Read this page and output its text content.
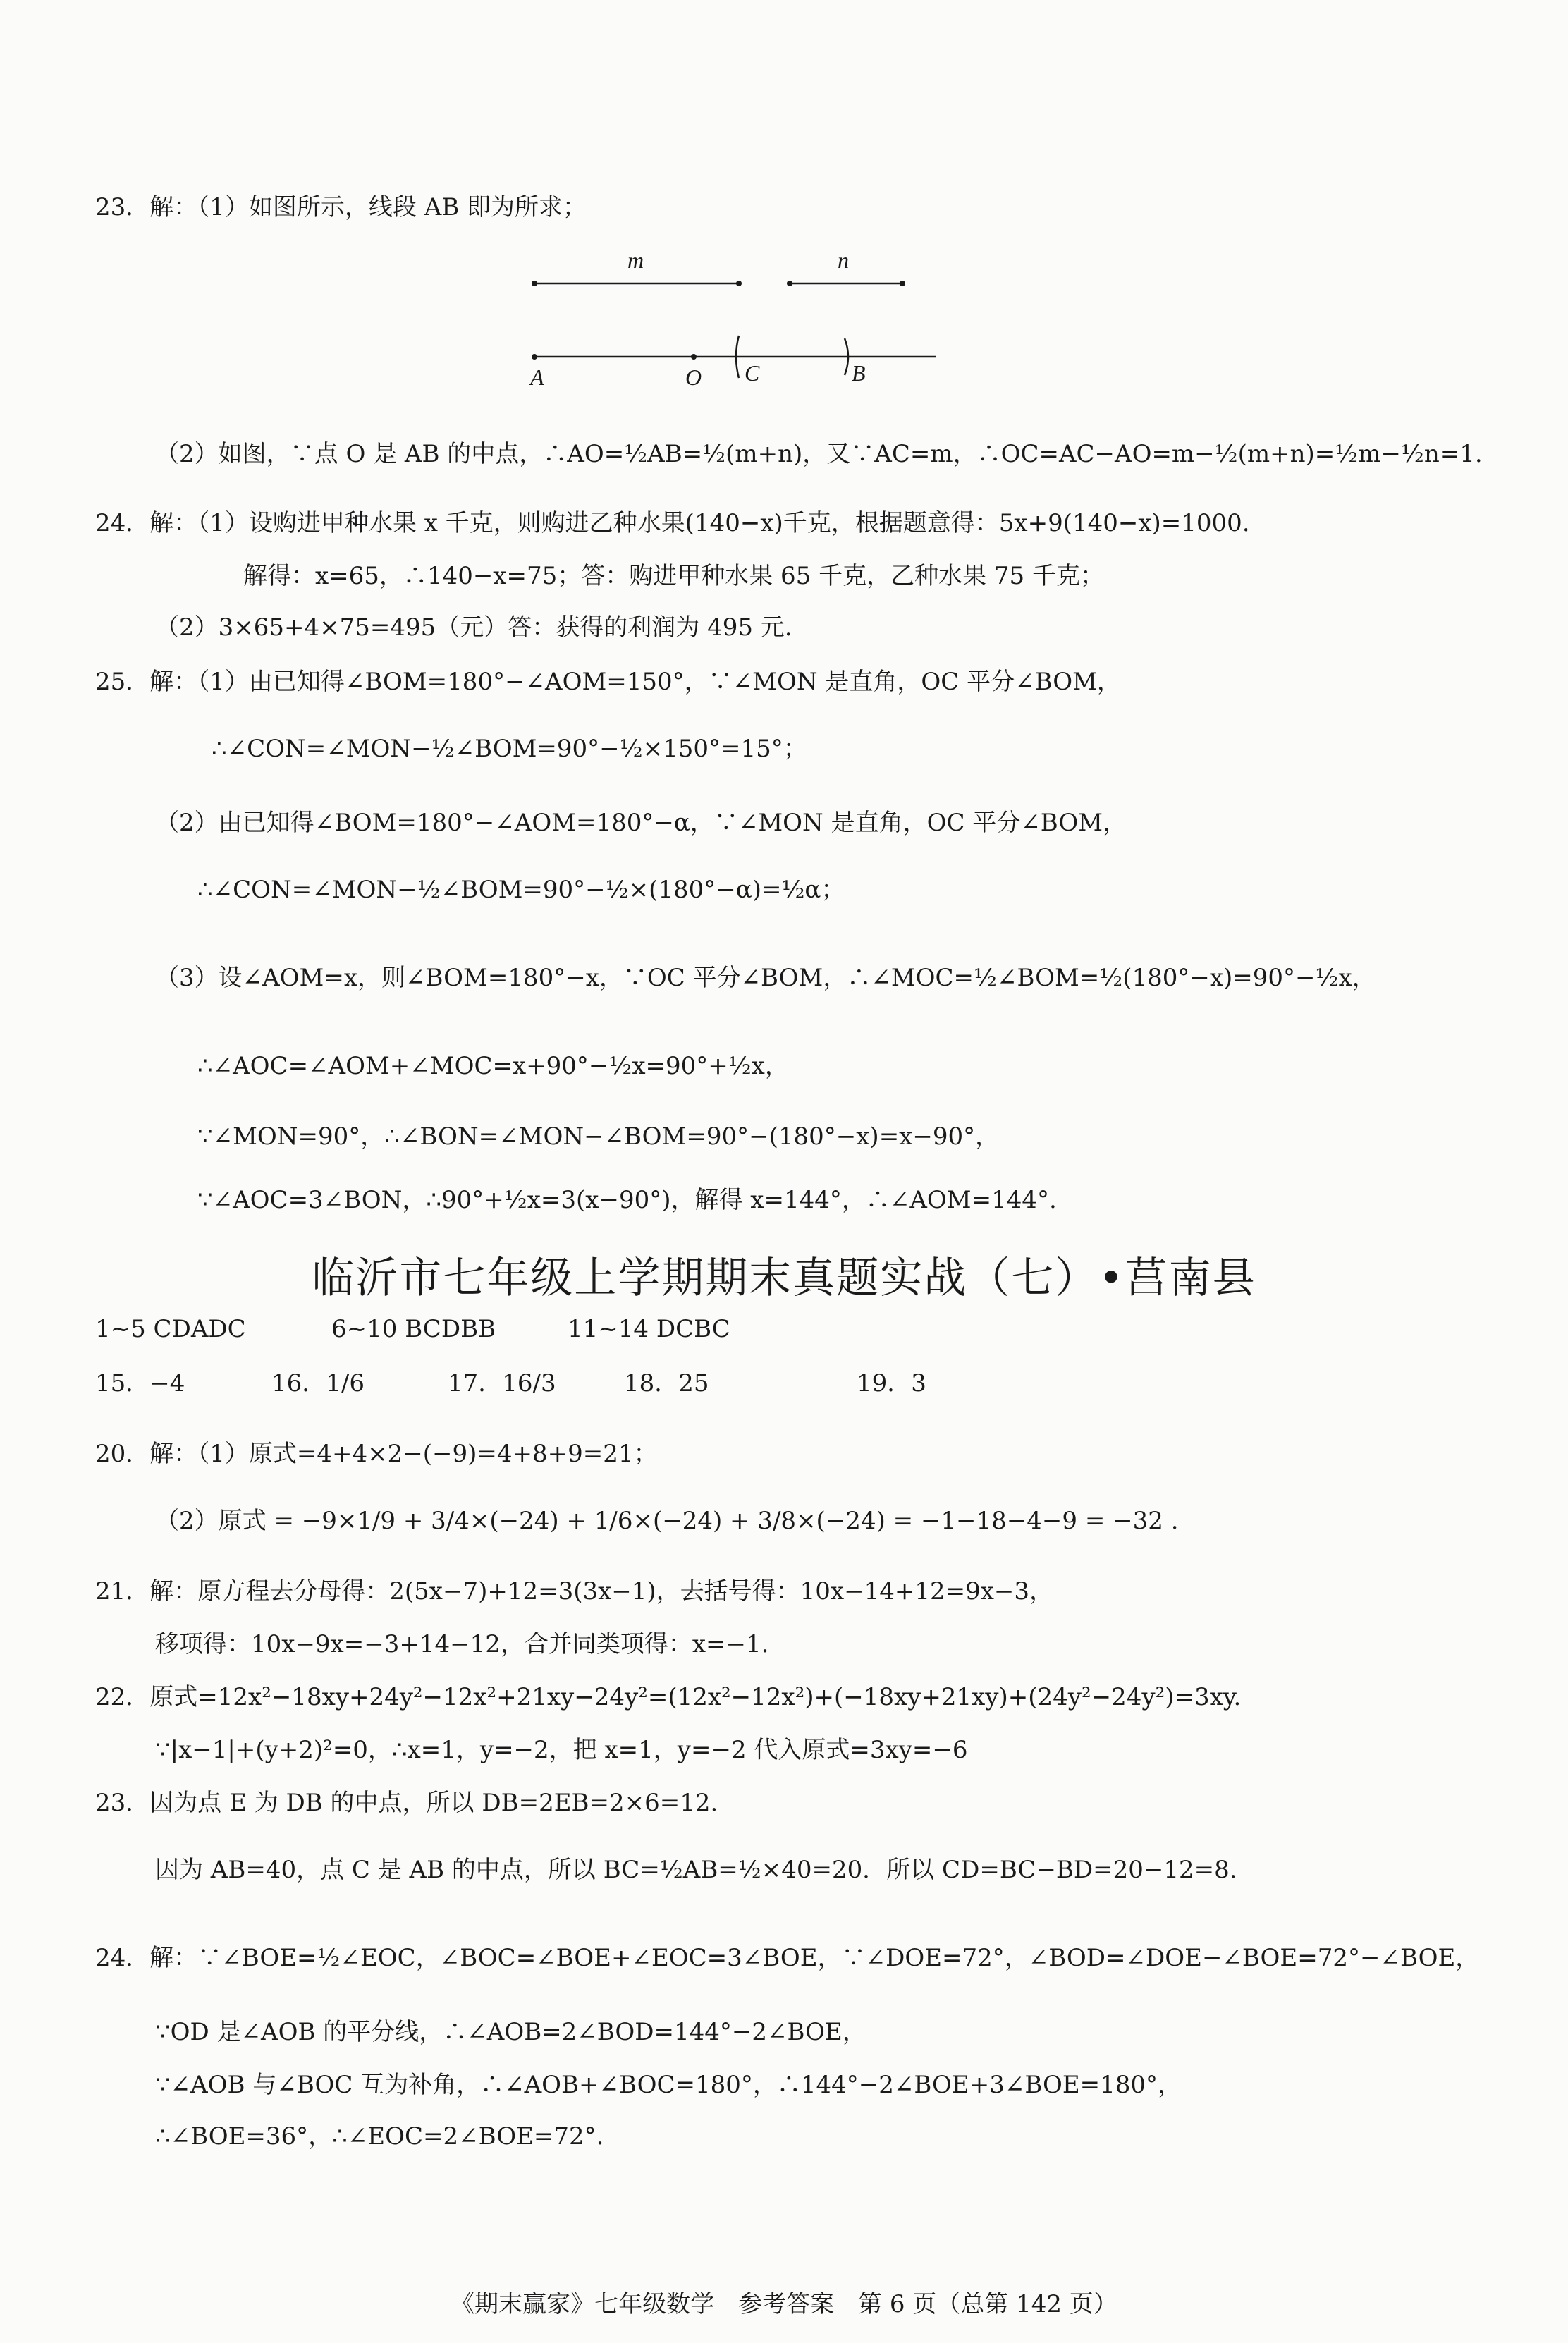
23．解：（1）如图所示，线段 AB 即为所求；
m	n
A	O C	B
（2）如图，∵点 O 是 AB 的中点，∴AO=½AB=½(m+n)，又∵AC=m，∴OC=AC−AO=m−½(m+n)=½m−½n=1.
24．解：（1）设购进甲种水果 x 千克，则购进乙种水果(140−x)千克，根据题意得：5x+9(140−x)=1000.
解得：x=65，∴140−x=75；答：购进甲种水果 65 千克，乙种水果 75 千克；
（2）3×65+4×75=495（元）答：获得的利润为 495 元.
25．解：（1）由已知得∠BOM=180°−∠AOM=150°，∵∠MON 是直角，OC 平分∠BOM，
∴∠CON=∠MON−½∠BOM=90°−½×150°=15°；
（2）由已知得∠BOM=180°−∠AOM=180°−α，∵∠MON 是直角，OC 平分∠BOM，
∴∠CON=∠MON−½∠BOM=90°−½×(180°−α)=½α；
（3）设∠AOM=x，则∠BOM=180°−x，∵OC 平分∠BOM，∴∠MOC=½∠BOM=½(180°−x)=90°−½x，
∴∠AOC=∠AOM+∠MOC=x+90°−½x=90°+½x，
∵∠MON=90°，∴∠BON=∠MON−∠BOM=90°−(180°−x)=x−90°，
∵∠AOC=3∠BON，∴90°+½x=3(x−90°)，解得 x=144°，∴∠AOM=144°.
临沂市七年级上学期期末真题实战（七）•莒南县
1~5 CDADC	6~10 BCDBB	11~14 DCBC
15．−4	16．1/6	17．16/3	18．25	19．3
20．解：（1）原式=4+4×2−(−9)=4+8+9=21；
（2）原式 = −9×1/9 + 3/4×(−24) + 1/6×(−24) + 3/8×(−24) = −1−18−4−9 = −32 .
21．解：原方程去分母得：2(5x−7)+12=3(3x−1)，去括号得：10x−14+12=9x−3，
移项得：10x−9x=−3+14−12，合并同类项得：x=−1.
22．原式=12x²−18xy+24y²−12x²+21xy−24y²=(12x²−12x²)+(−18xy+21xy)+(24y²−24y²)=3xy.
∵|x−1|+(y+2)²=0，∴x=1，y=−2，把 x=1，y=−2 代入原式=3xy=−6
23．因为点 E 为 DB 的中点，所以 DB=2EB=2×6=12.
因为 AB=40，点 C 是 AB 的中点，所以 BC=½AB=½×40=20．所以 CD=BC−BD=20−12=8.
24．解：∵∠BOE=½∠EOC，∠BOC=∠BOE+∠EOC=3∠BOE，∵∠DOE=72°，∠BOD=∠DOE−∠BOE=72°−∠BOE，
∵OD 是∠AOB 的平分线，∴∠AOB=2∠BOD=144°−2∠BOE，
∵∠AOB 与∠BOC 互为补角，∴∠AOB+∠BOC=180°，∴144°−2∠BOE+3∠BOE=180°，
∴∠BOE=36°，∴∠EOC=2∠BOE=72°.
《期末赢家》七年级数学　参考答案　第 6 页（总第 142 页）
